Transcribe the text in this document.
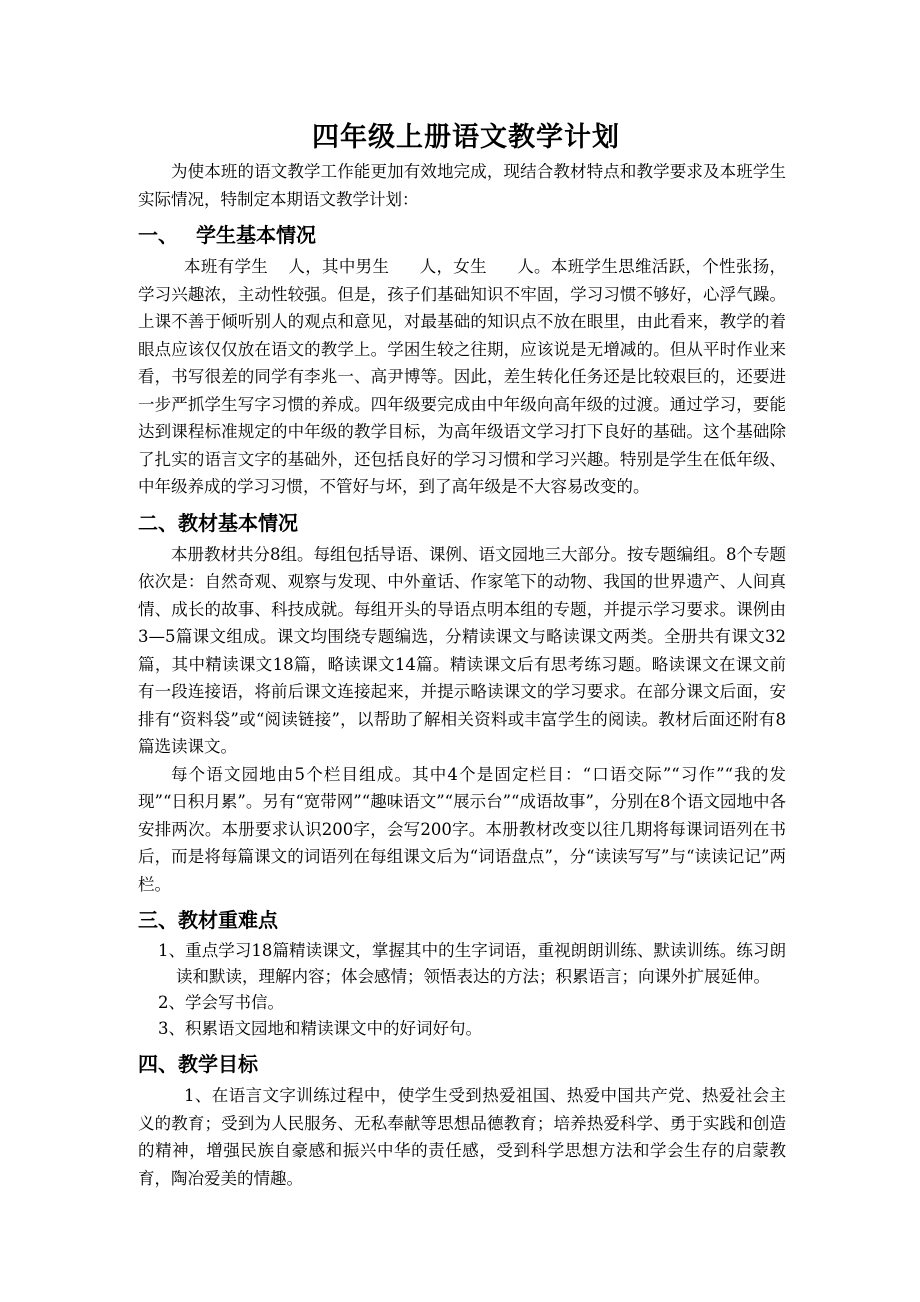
四年级上册语文教学计划

为使本班的语文教学工作能更加有效地完成，现结合教材特点和教学要求及本班学生实际情况，特制定本期语文教学计划：

一、 学生基本情况

本班有学生 人，其中男生 人，女生 人。本班学生思维活跃，个性张扬，学习兴趣浓，主动性较强。但是，孩子们基础知识不牢固，学习习惯不够好，心浮气躁。上课不善于倾听别人的观点和意见，对最基础的知识点不放在眼里，由此看来，教学的着眼点应该仅仅放在语文的教学上。学困生较之往期，应该说是无增减的。但从平时作业来看，书写很差的同学有李兆一、高尹博等。因此，差生转化任务还是比较艰巨的，还要进一步严抓学生写字习惯的养成。四年级要完成由中年级向高年级的过渡。通过学习，要能达到课程标准规定的中年级的教学目标，为高年级语文学习打下良好的基础。这个基础除了扎实的语言文字的基础外，还包括良好的学习习惯和学习兴趣。特别是学生在低年级、中年级养成的学习习惯，不管好与坏，到了高年级是不大容易改变的。

二、教材基本情况

本册教材共分8组。每组包括导语、课例、语文园地三大部分。按专题编组。8个专题依次是：自然奇观、观察与发现、中外童话、作家笔下的动物、我国的世界遗产、人间真情、成长的故事、科技成就。每组开头的导语点明本组的专题，并提示学习要求。课例由3—5篇课文组成。课文均围绕专题编选，分精读课文与略读课文两类。全册共有课文32篇，其中精读课文18篇，略读课文14篇。精读课文后有思考练习题。略读课文在课文前有一段连接语，将前后课文连接起来，并提示略读课文的学习要求。在部分课文后面，安排有“资料袋”或“阅读链接”，以帮助了解相关资料或丰富学生的阅读。教材后面还附有8篇选读课文。

每个语文园地由5个栏目组成。其中4个是固定栏目：“口语交际”“习作”“我的发现”“日积月累”。另有“宽带网”“趣味语文”“展示台”“成语故事”，分别在8个语文园地中各安排两次。本册要求认识200字，会写200字。本册教材改变以往几期将每课词语列在书后，而是将每篇课文的词语列在每组课文后为“词语盘点”，分“读读写写”与“读读记记”两栏。

三、教材重难点
1、重点学习18篇精读课文，掌握其中的生字词语，重视朗朗训练、默读训练。练习朗读和默读，理解内容；体会感情；领悟表达的方法；积累语言；向课外扩展延伸。
2、学会写书信。
3、积累语文园地和精读课文中的好词好句。
四、教学目标

1、在语言文字训练过程中，使学生受到热爱祖国、热爱中国共产党、热爱社会主义的教育；受到为人民服务、无私奉献等思想品德教育；培养热爱科学、勇于实践和创造的精神，增强民族自豪感和振兴中华的责任感，受到科学思想方法和学会生存的启蒙教育，陶冶爱美的情趣。
